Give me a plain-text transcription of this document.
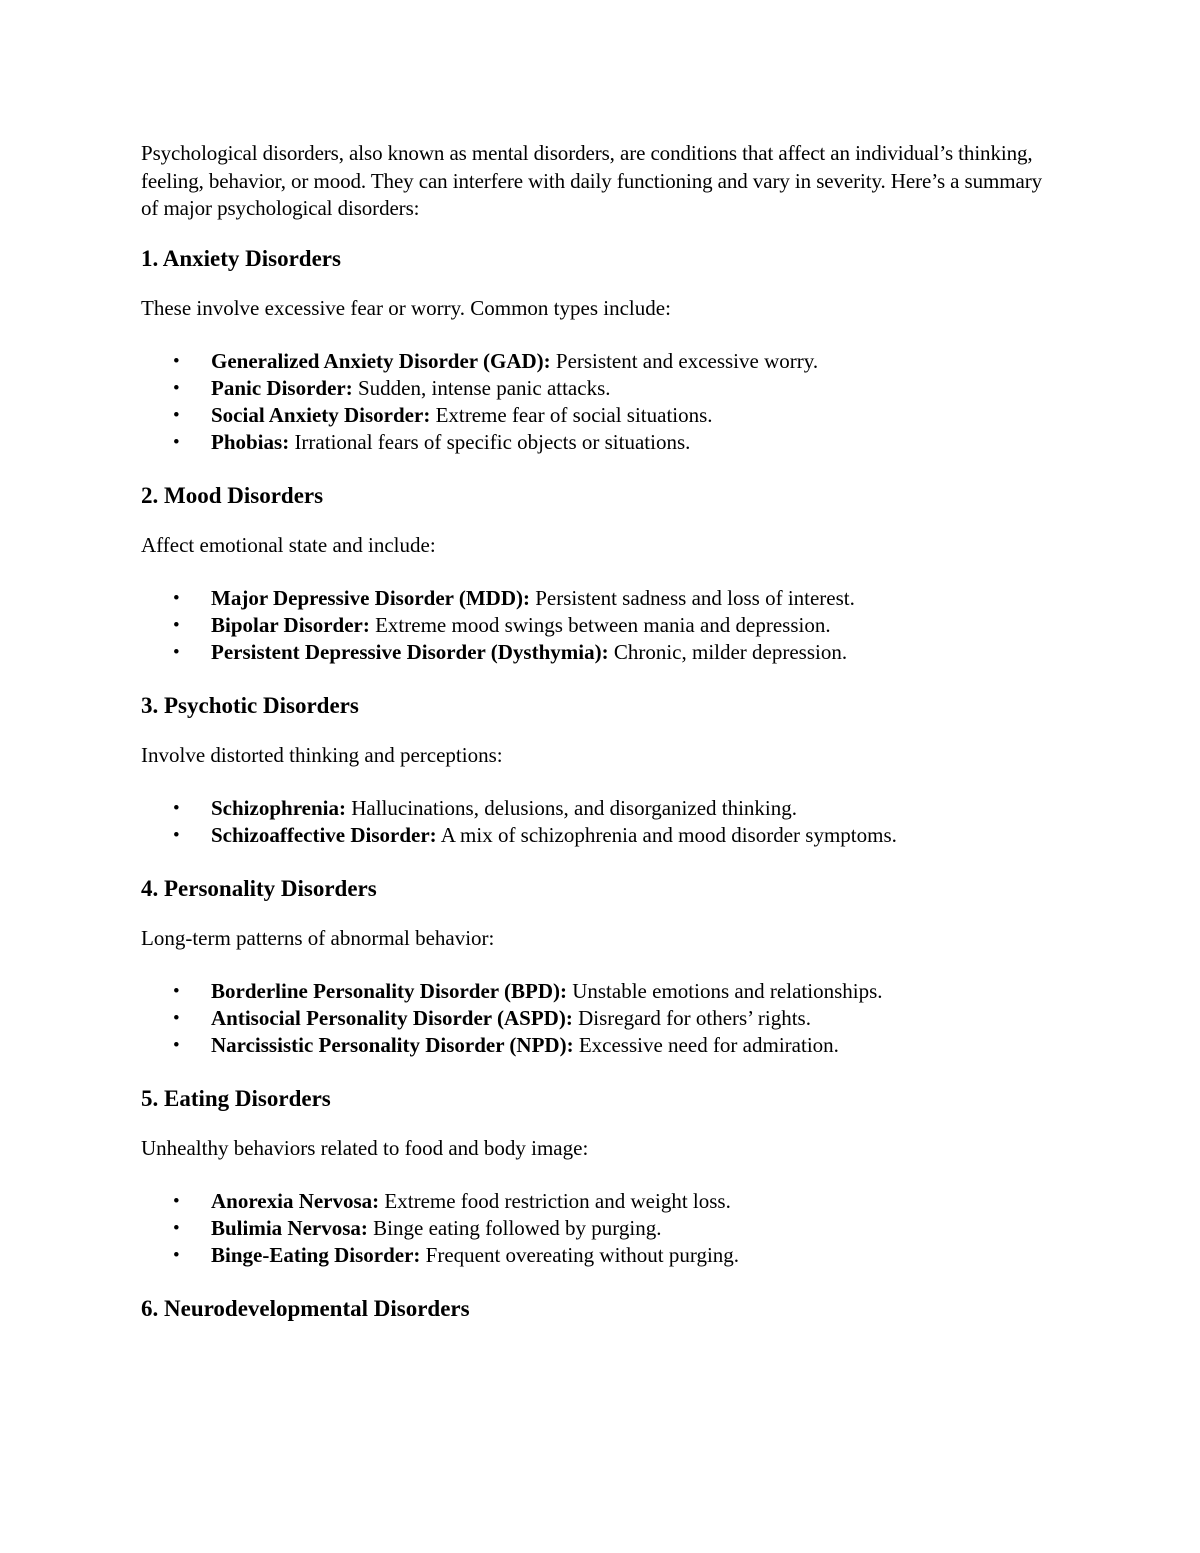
Psychological disorders, also known as mental disorders, are conditions that affect an individual’s thinking, feeling, behavior, or mood. They can interfere with daily functioning and vary in severity. Here’s a summary of major psychological disorders:

1. Anxiety Disorders

These involve excessive fear or worry. Common types include:

• Generalized Anxiety Disorder (GAD): Persistent and excessive worry.
• Panic Disorder: Sudden, intense panic attacks.
• Social Anxiety Disorder: Extreme fear of social situations.
• Phobias: Irrational fears of specific objects or situations.
2. Mood Disorders

Affect emotional state and include:

• Major Depressive Disorder (MDD): Persistent sadness and loss of interest.
• Bipolar Disorder: Extreme mood swings between mania and depression.
• Persistent Depressive Disorder (Dysthymia): Chronic, milder depression.
3. Psychotic Disorders

Involve distorted thinking and perceptions:

• Schizophrenia: Hallucinations, delusions, and disorganized thinking.
• Schizoaffective Disorder: A mix of schizophrenia and mood disorder symptoms.
4. Personality Disorders

Long-term patterns of abnormal behavior:

• Borderline Personality Disorder (BPD): Unstable emotions and relationships.
• Antisocial Personality Disorder (ASPD): Disregard for others’ rights.
• Narcissistic Personality Disorder (NPD): Excessive need for admiration.
5. Eating Disorders

Unhealthy behaviors related to food and body image:

• Anorexia Nervosa: Extreme food restriction and weight loss.
• Bulimia Nervosa: Binge eating followed by purging.
• Binge-Eating Disorder: Frequent overeating without purging.
6. Neurodevelopmental Disorders
